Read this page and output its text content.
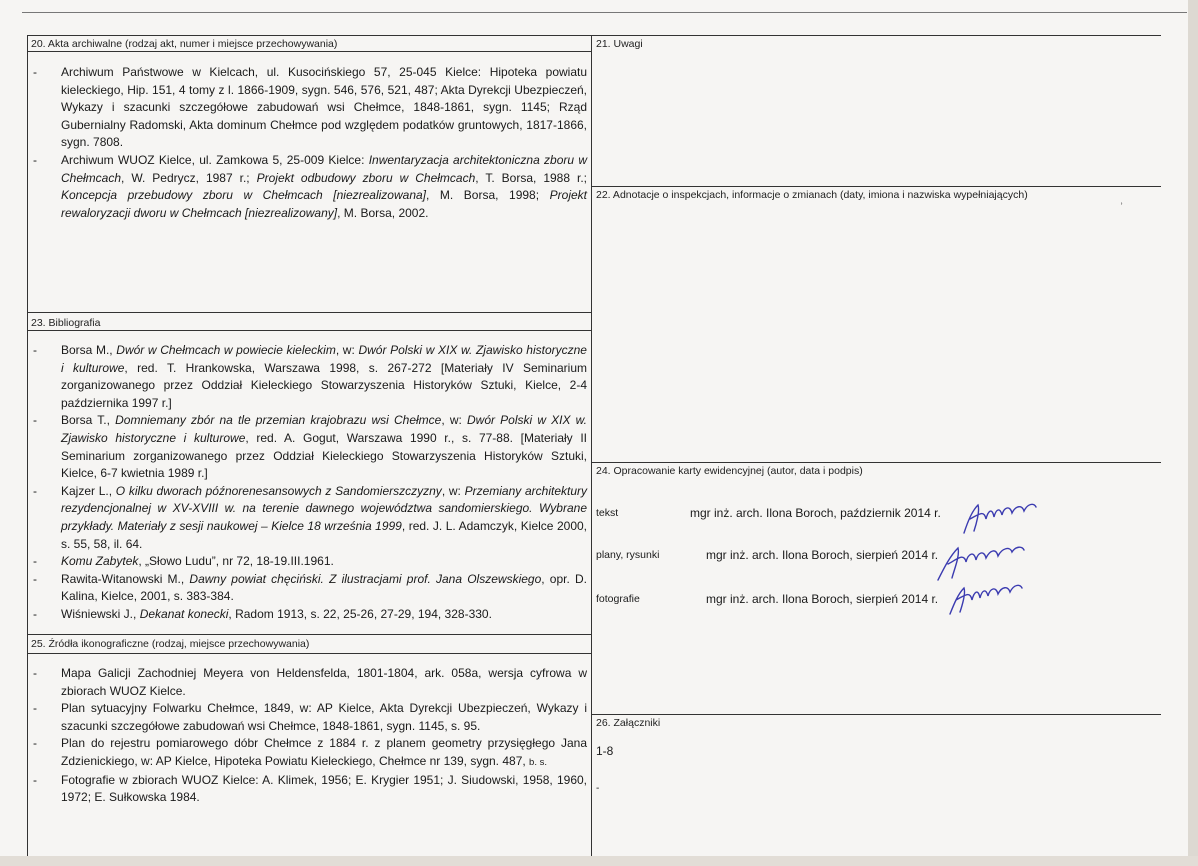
20. Akta archiwalne (rodzaj akt, numer i miejsce przechowywania)
- Archiwum Państwowe w Kielcach, ul. Kusocińskiego 57, 25-045 Kielce: Hipoteka powiatu kieleckiego, Hip. 151, 4 tomy z l. 1866-1909, sygn. 546, 576, 521, 487; Akta Dyrekcji Ubezpieczeń, Wykazy i szacunki szczegółowe zabudowań wsi Chełmce, 1848-1861, sygn. 1145; Rząd Gubernialny Radomski, Akta dominum Chełmce pod względem podatków gruntowych, 1817-1866, sygn. 7808.
- Archiwum WUOZ Kielce, ul. Zamkowa 5, 25-009 Kielce: Inwentaryzacja architektoniczna zboru w Chełmcach, W. Pedrycz, 1987 r.; Projekt odbudowy zboru w Chełmcach, T. Borsa, 1988 r.; Koncepcja przebudowy zboru w Chełmcach [niezrealizowana], M. Borsa, 1998; Projekt rewaloryzacji dworu w Chełmcach [niezrealizowany], M. Borsa, 2002.
21. Uwagi
22. Adnotacje o inspekcjach, informacje o zmianach (daty, imiona i nazwiska wypełniających)
˒
23. Bibliografia
- Borsa M., Dwór w Chełmcach w powiecie kieleckim, w: Dwór Polski w XIX w. Zjawisko historyczne i kulturowe, red. T. Hrankowska, Warszawa 1998, s. 267-272 [Materiały IV Seminarium zorganizowanego przez Oddział Kieleckiego Stowarzyszenia Historyków Sztuki, Kielce, 2-4 października 1997 r.]
- Borsa T., Domniemany zbór na tle przemian krajobrazu wsi Chełmce, w: Dwór Polski w XIX w. Zjawisko historyczne i kulturowe, red. A. Gogut, Warszawa 1990 r., s. 77-88. [Materiały II Seminarium zorganizowanego przez Oddział Kieleckiego Stowarzyszenia Historyków Sztuki, Kielce, 6-7 kwietnia 1989 r.]
- Kajzer L., O kilku dworach późnorenesansowych z Sandomierszczyzny, w: Przemiany architektury rezydencjonalnej w XV-XVIII w. na terenie dawnego województwa sandomierskiego. Wybrane przykłady. Materiały z sesji naukowej – Kielce 18 września 1999, red. J. L. Adamczyk, Kielce 2000, s. 55, 58, il. 64.
- Komu Zabytek, „Słowo Ludu”, nr 72, 18-19.III.1961.
- Rawita-Witanowski M., Dawny powiat chęciński. Z ilustracjami prof. Jana Olszewskiego, opr. D. Kalina, Kielce, 2001, s. 383-384.
- Wiśniewski J., Dekanat konecki, Radom 1913, s. 22, 25-26, 27-29, 194, 328-330.
24. Opracowanie karty ewidencyjnej (autor, data i podpis)
tekst	mgr inż. arch. Ilona Boroch, październik 2014 r.
plany, rysunki	mgr inż. arch. Ilona Boroch, sierpień 2014 r.
fotografie	mgr inż. arch. Ilona Boroch, sierpień 2014 r.
25. Źródła ikonograficzne (rodzaj, miejsce przechowywania)
- Mapa Galicji Zachodniej Meyera von Heldensfelda, 1801-1804, ark. 058a, wersja cyfrowa w zbiorach WUOZ Kielce.
- Plan sytuacyjny Folwarku Chełmce, 1849, w: AP Kielce, Akta Dyrekcji Ubezpieczeń, Wykazy i szacunki szczegółowe zabudowań wsi Chełmce, 1848-1861, sygn. 1145, s. 95.
- Plan do rejestru pomiarowego dóbr Chełmce z 1884 r. z planem geometry przysięgłego Jana Zdzienickiego, w: AP Kielce, Hipoteka Powiatu Kieleckiego, Chełmce nr 139, sygn. 487, b. s.
- Fotografie w zbiorach WUOZ Kielce: A. Klimek, 1956; E. Krygier 1951; J. Siudowski, 1958, 1960, 1972; E. Sułkowska 1984.
26. Załączniki
1-8
-
